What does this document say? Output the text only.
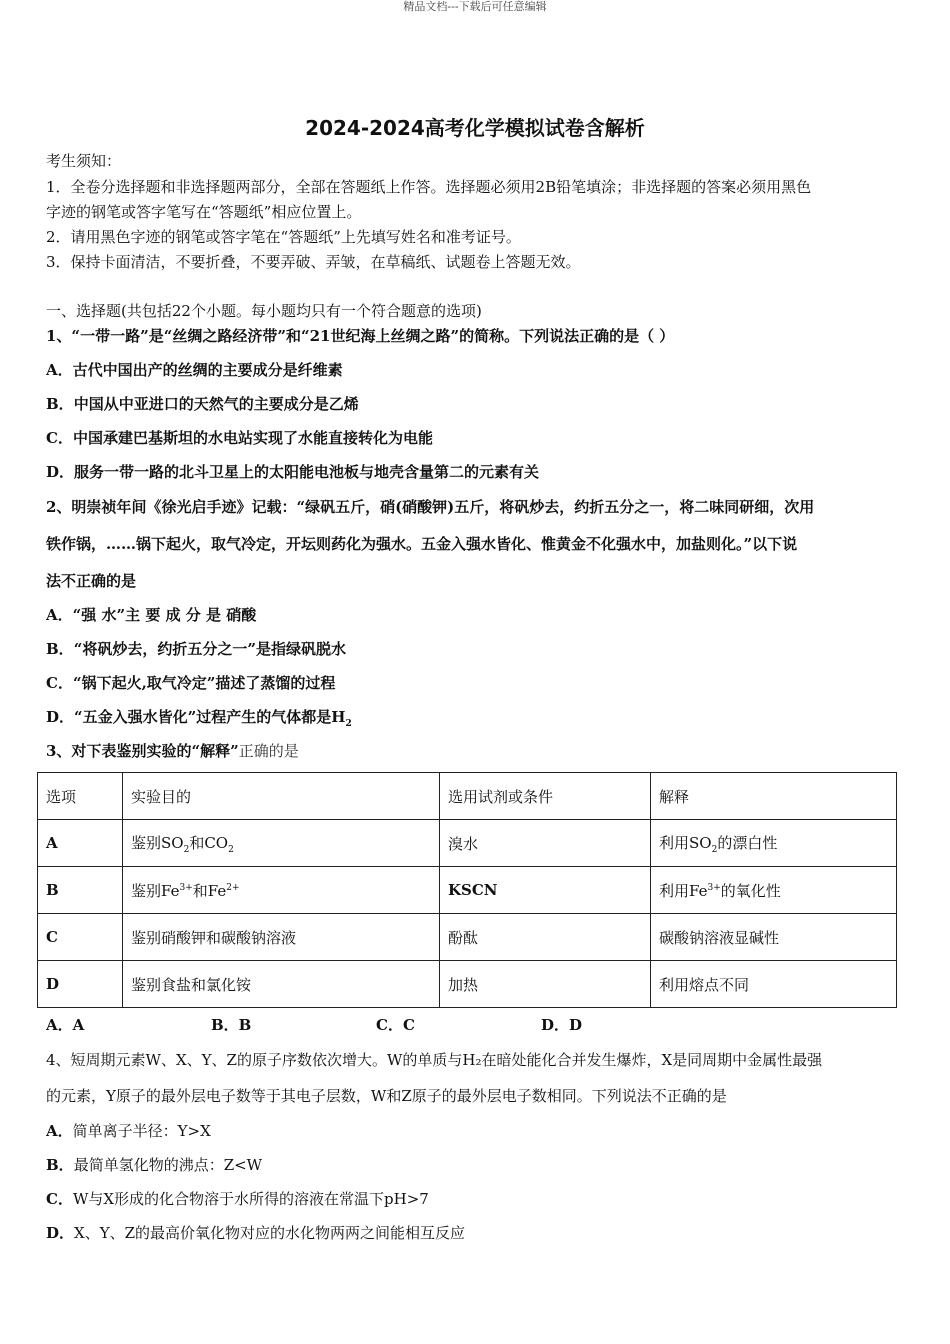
精品文档---下载后可任意编辑
2024-2024高考化学模拟试卷含解析
考生须知：
1．全卷分选择题和非选择题两部分，全部在答题纸上作答。选择题必须用2B铅笔填涂；非选择题的答案必须用黑色
字迹的钢笔或答字笔写在“答题纸”相应位置上。
2．请用黑色字迹的钢笔或答字笔在“答题纸”上先填写姓名和准考证号。
3．保持卡面清洁，不要折叠，不要弄破、弄皱，在草稿纸、试题卷上答题无效。
一、选择题(共包括22个小题。每小题均只有一个符合题意的选项)
1、“一带一路”是“丝绸之路经济带”和“21世纪海上丝绸之路”的简称。下列说法正确的是（ ）
A．古代中国出产的丝绸的主要成分是纤维素
B．中国从中亚进口的天然气的主要成分是乙烯
C．中国承建巴基斯坦的水电站实现了水能直接转化为电能
D．服务一带一路的北斗卫星上的太阳能电池板与地壳含量第二的元素有关
2、明崇祯年间《徐光启手迹》记载：“绿矾五斤，硝(硝酸钾)五斤，将矾炒去，约折五分之一，将二味同研细，次用
铁作锅，……锅下起火，取气冷定，开坛则药化为强水。五金入强水皆化、惟黄金不化强水中，加盐则化。”以下说
法不正确的是
A．“强 水”主 要 成 分 是 硝酸
B．“将矾炒去，约折五分之一”是指绿矾脱水
C．“锅下起火,取气冷定”描述了蒸馏的过程
D．“五金入强水皆化”过程产生的气体都是$H_2$
3、对下表鉴别实验的“解释”正确的是
选项	实验目的	选用试剂或条件	解释
A	鉴别$SO_2$和$CO_2$	溴水	利用$SO_2$的漂白性
B	鉴别$Fe^{3+}$和$Fe^{2+}$	KSCN	利用$Fe^{3+}$的氧化性
C	鉴别硝酸钾和碳酸钠溶液	酚酞	碳酸钠溶液显碱性
D	鉴别食盐和氯化铵	加热	利用熔点不同
A．A	B．B	C．C	D．D
4、短周期元素W、X、Y、Z的原子序数依次增大。W的单质与H₂在暗处能化合并发生爆炸，X是同周期中金属性最强
的元素，Y原子的最外层电子数等于其电子层数，W和Z原子的最外层电子数相同。下列说法不正确的是
A．简单离子半径：Y>X
B．最简单氢化物的沸点：Z<W
C．W与X形成的化合物溶于水所得的溶液在常温下pH>7
D．X、Y、Z的最高价氧化物对应的水化物两两之间能相互反应
